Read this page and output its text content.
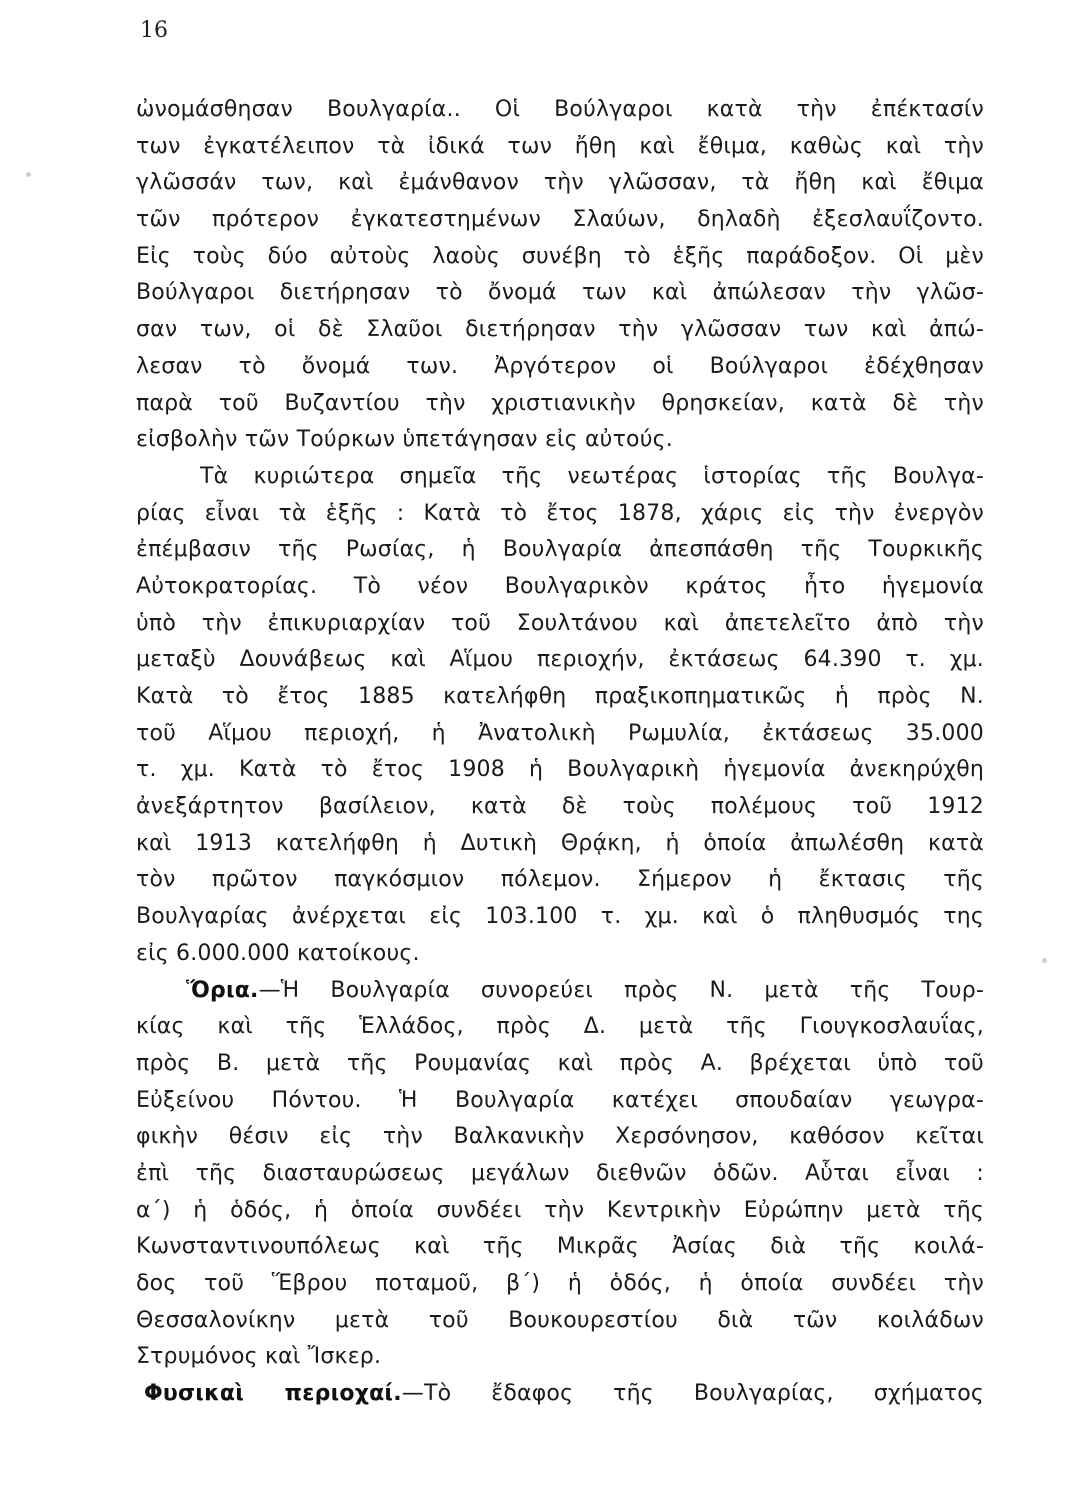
16
ὠνομάσθησαν Βουλγαρία.. Οἱ Βούλγαροι κατὰ τὴν ἐπέκτασίν
των ἐγκατέλειπον τὰ ἰδικά των ἤθη καὶ ἔθιμα, καθὼς καὶ τὴν
γλῶσσάν των, καὶ ἐμάνθανον τὴν γλῶσσαν, τὰ ἤθη καὶ ἔθιμα
τῶν πρότερον ἐγκατεστημένων Σλαύων, δηλαδὴ ἐξεσλαυΐζοντο.
Εἰς τοὺς δύο αὐτοὺς λαοὺς συνέβη τὸ ἑξῆς παράδοξον. Οἱ μὲν
Βούλγαροι διετήρησαν τὸ ὄνομά των καὶ ἀπώλεσαν τὴν γλῶσ-
σαν των, οἱ δὲ Σλαῦοι διετήρησαν τὴν γλῶσσαν των καὶ ἀπώ-
λεσαν τὸ ὄνομά των. Ἀργότερον οἱ Βούλγαροι ἐδέχθησαν
παρὰ τοῦ Βυζαντίου τὴν χριστιανικὴν θρησκείαν, κατὰ δὲ τὴν
εἰσβολὴν τῶν Τούρκων ὑπετάγησαν εἰς αὐτούς.
Τὰ κυριώτερα σημεῖα τῆς νεωτέρας ἱστορίας τῆς Βουλγα-
ρίας εἶναι τὰ ἑξῆς : Κατὰ τὸ ἔτος 1878, χάρις εἰς τὴν ἐνεργὸν
ἐπέμβασιν τῆς Ρωσίας, ἡ Βουλγαρία ἀπεσπάσθη τῆς Τουρκικῆς
Αὐτοκρατορίας. Τὸ νέον Βουλγαρικὸν κράτος ἦτο ἡγεμονία
ὑπὸ τὴν ἐπικυριαρχίαν τοῦ Σουλτάνου καὶ ἀπετελεῖτο ἀπὸ τὴν
μεταξὺ Δουνάβεως καὶ Αἵμου περιοχήν, ἐκτάσεως 64.390 τ. χμ.
Κατὰ τὸ ἔτος 1885 κατελήφθη πραξικοπηματικῶς ἡ πρὸς Ν.
τοῦ Αἵμου περιοχή, ἡ Ἀνατολικὴ Ρωμυλία, ἐκτάσεως 35.000
τ. χμ. Κατὰ τὸ ἔτος 1908 ἡ Βουλγαρικὴ ἡγεμονία ἀνεκηρύχθη
ἀνεξάρτητον βασίλειον, κατὰ δὲ τοὺς πολέμους τοῦ 1912
καὶ 1913 κατελήφθη ἡ Δυτικὴ Θρᾴκη, ἡ ὁποία ἀπωλέσθη κατὰ
τὸν πρῶτον παγκόσμιον πόλεμον. Σήμερον ἡ ἔκτασις τῆς
Βουλγαρίας ἀνέρχεται εἰς 103.100 τ. χμ. καὶ ὁ πληθυσμός της
εἰς 6.000.000 κατοίκους.
Ὅρια.—Ἡ Βουλγαρία συνορεύει πρὸς Ν. μετὰ τῆς Τουρ-
κίας καὶ τῆς Ἑλλάδος, πρὸς Δ. μετὰ τῆς Γιουγκοσλαυΐας,
πρὸς Β. μετὰ τῆς Ρουμανίας καὶ πρὸς Α. βρέχεται ὑπὸ τοῦ
Εὐξείνου Πόντου. Ἡ Βουλγαρία κατέχει σπουδαίαν γεωγρα-
φικὴν θέσιν εἰς τὴν Βαλκανικὴν Χερσόνησον, καθόσον κεῖται
ἐπὶ τῆς διασταυρώσεως μεγάλων διεθνῶν ὁδῶν. Αὗται εἶναι :
α΄) ἡ ὁδός, ἡ ὁποία συνδέει τὴν Κεντρικὴν Εὐρώπην μετὰ τῆς
Κωνσταντινουπόλεως καὶ τῆς Μικρᾶς Ἀσίας διὰ τῆς κοιλά-
δος τοῦ Ἕβρου ποταμοῦ, β΄) ἡ ὁδός, ἡ ὁποία συνδέει τὴν
Θεσσαλονίκην μετὰ τοῦ Βουκουρεστίου διὰ τῶν κοιλάδων
Στρυμόνος καὶ Ἴσκερ.
Φυσικαὶ περιοχαί.—Τὸ ἔδαφος τῆς Βουλγαρίας, σχήματος
